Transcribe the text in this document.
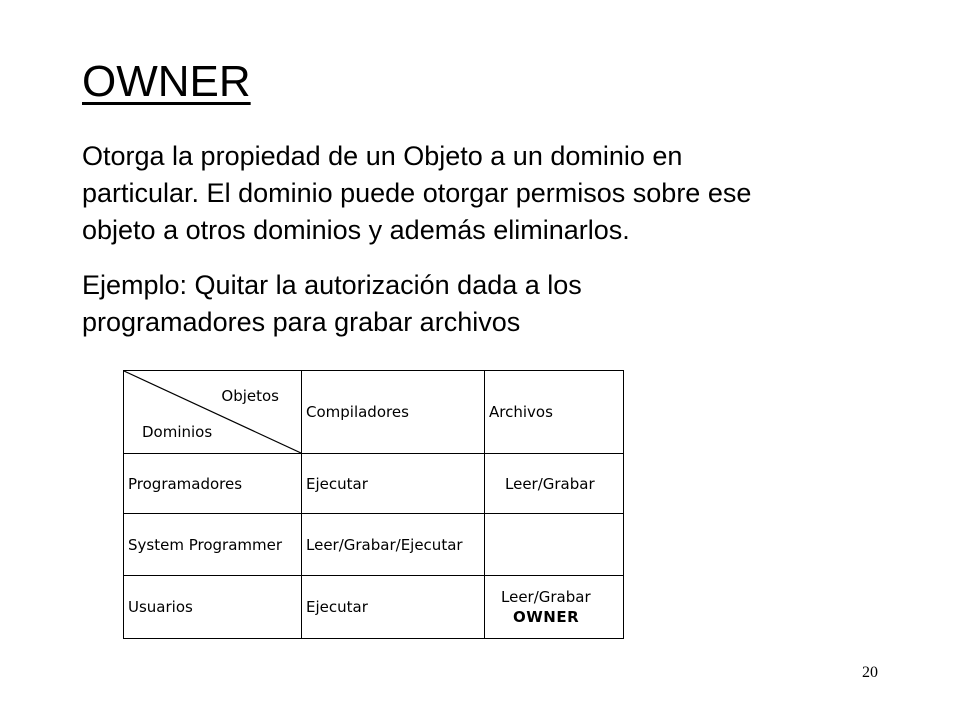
OWNER

Otorga la propiedad de un Objeto a un dominio en
particular. El dominio puede otorgar permisos sobre ese
objeto a otros dominios y además eliminarlos.

Ejemplo: Quitar la autorización dada a los
programadores para grabar archivos

Objetos
Dominios	Compiladores	Archivos
Programadores	Ejecutar	Leer/Grabar
System Programmer	Leer/Grabar/Ejecutar	
Usuarios	Ejecutar	Leer/Grabar
OWNER
20
